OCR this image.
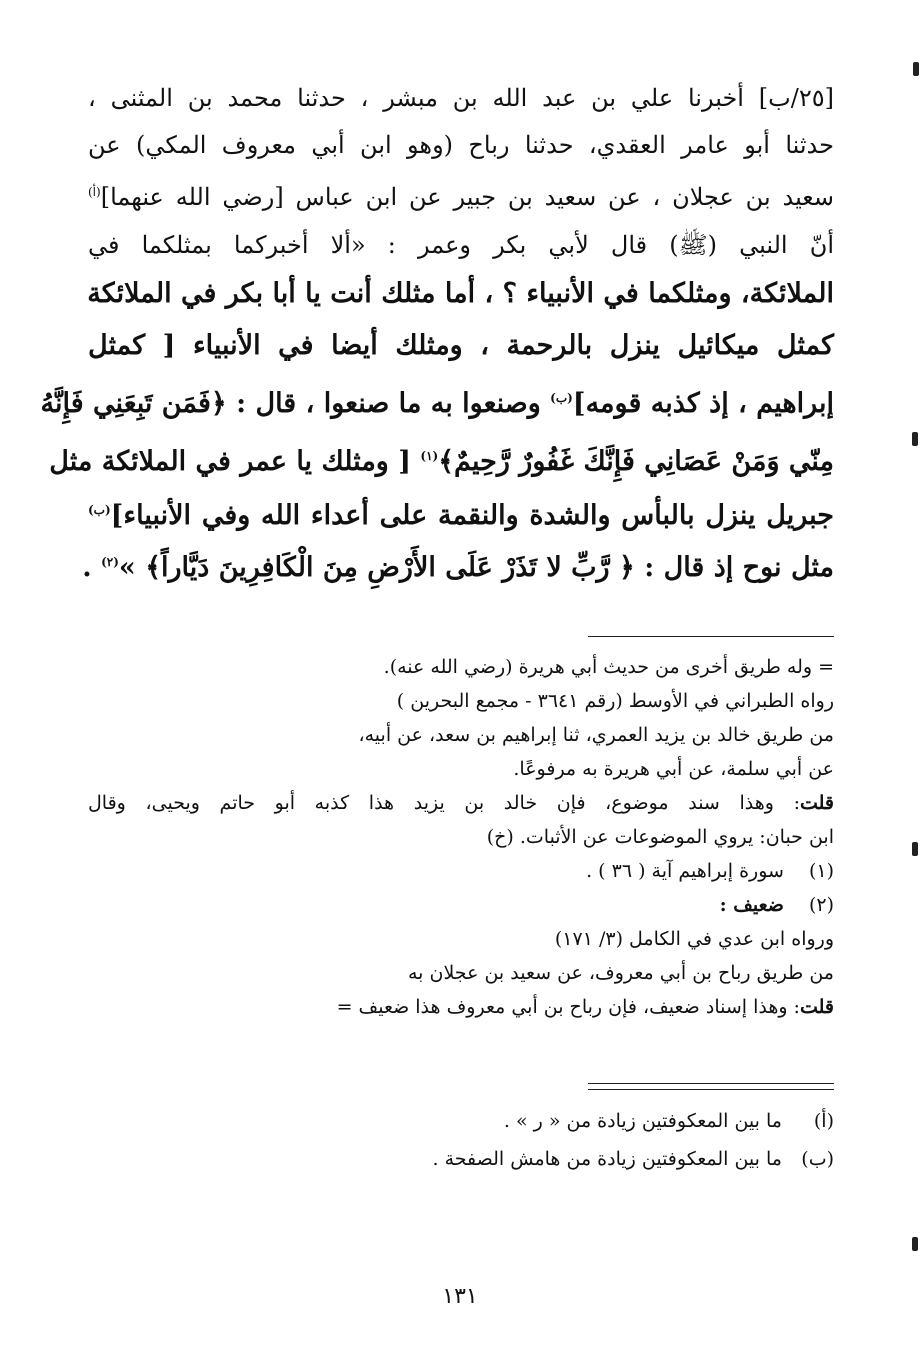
[٢٥/ب] أخبرنا علي بن عبد الله بن مبشر ، حدثنا محمد بن المثنى ،
حدثنا أبو عامر العقدي، حدثنا رباح (وهو ابن أبي معروف المكي) عن
سعيد بن عجلان ، عن سعيد بن جبير عن ابن عباس [رضي الله عنهما]$^{(أ)}$
أنّ النبي (ﷺ) قال لأبي بكر وعمر : «ألا أخبركما بمثلكما في
الملائكة، ومثلكما في الأنبياء ؟ ، أما مثلك أنت يا أبا بكر في الملائكة
كمثل ميكائيل ينزل بالرحمة ، ومثلك أيضا في الأنبياء [ كمثل
إبراهيم ، إذ كذبه قومه]$^{(ب)}$ وصنعوا به ما صنعوا ، قال : ﴿فَمَن تَبِعَنِي فَإِنَّهُ
مِنّي وَمَنْ عَصَانِي فَإِنَّكَ غَفُورٌ رَّحِيمٌ﴾$^{(١)}$ [ ومثلك يا عمر في الملائكة مثل
جبريل ينزل بالبأس والشدة والنقمة على أعداء الله وفي الأنبياء]$^{(ب)}$
مثل نوح إذ قال : ﴿ رَّبِّ لا تَذَرْ عَلَى الأَرْضِ مِنَ الْكَافِرِينَ دَيَّاراً﴾ »$^{(٢)}$ .
= وله طريق أخرى من حديث أبي هريرة (رضي الله عنه).
رواه الطبراني في الأوسط (رقم ٣٦٤١ - مجمع البحرين )
من طريق خالد بن يزيد العمري، ثنا إبراهيم بن سعد، عن أبيه،
عن أبي سلمة، عن أبي هريرة به مرفوعًا.
قلت: وهذا سند موضوع، فإن خالد بن يزيد هذا كذبه أبو حاتم ويحيى، وقال
ابن حبان: يروي الموضوعات عن الأثبات. (خ)
(١) سورة إبراهيم آية ( ٣٦ ) .
(٢) ضعيف :
ورواه ابن عدي في الكامل (٣/ ١٧١)
من طريق رباح بن أبي معروف، عن سعيد بن عجلان به
قلت: وهذا إسناد ضعيف، فإن رباح بن أبي معروف هذا ضعيف =
(أ) ما بين المعكوفتين زيادة من « ر » .
(ب) ما بين المعكوفتين زيادة من هامش الصفحة .
١٣١
